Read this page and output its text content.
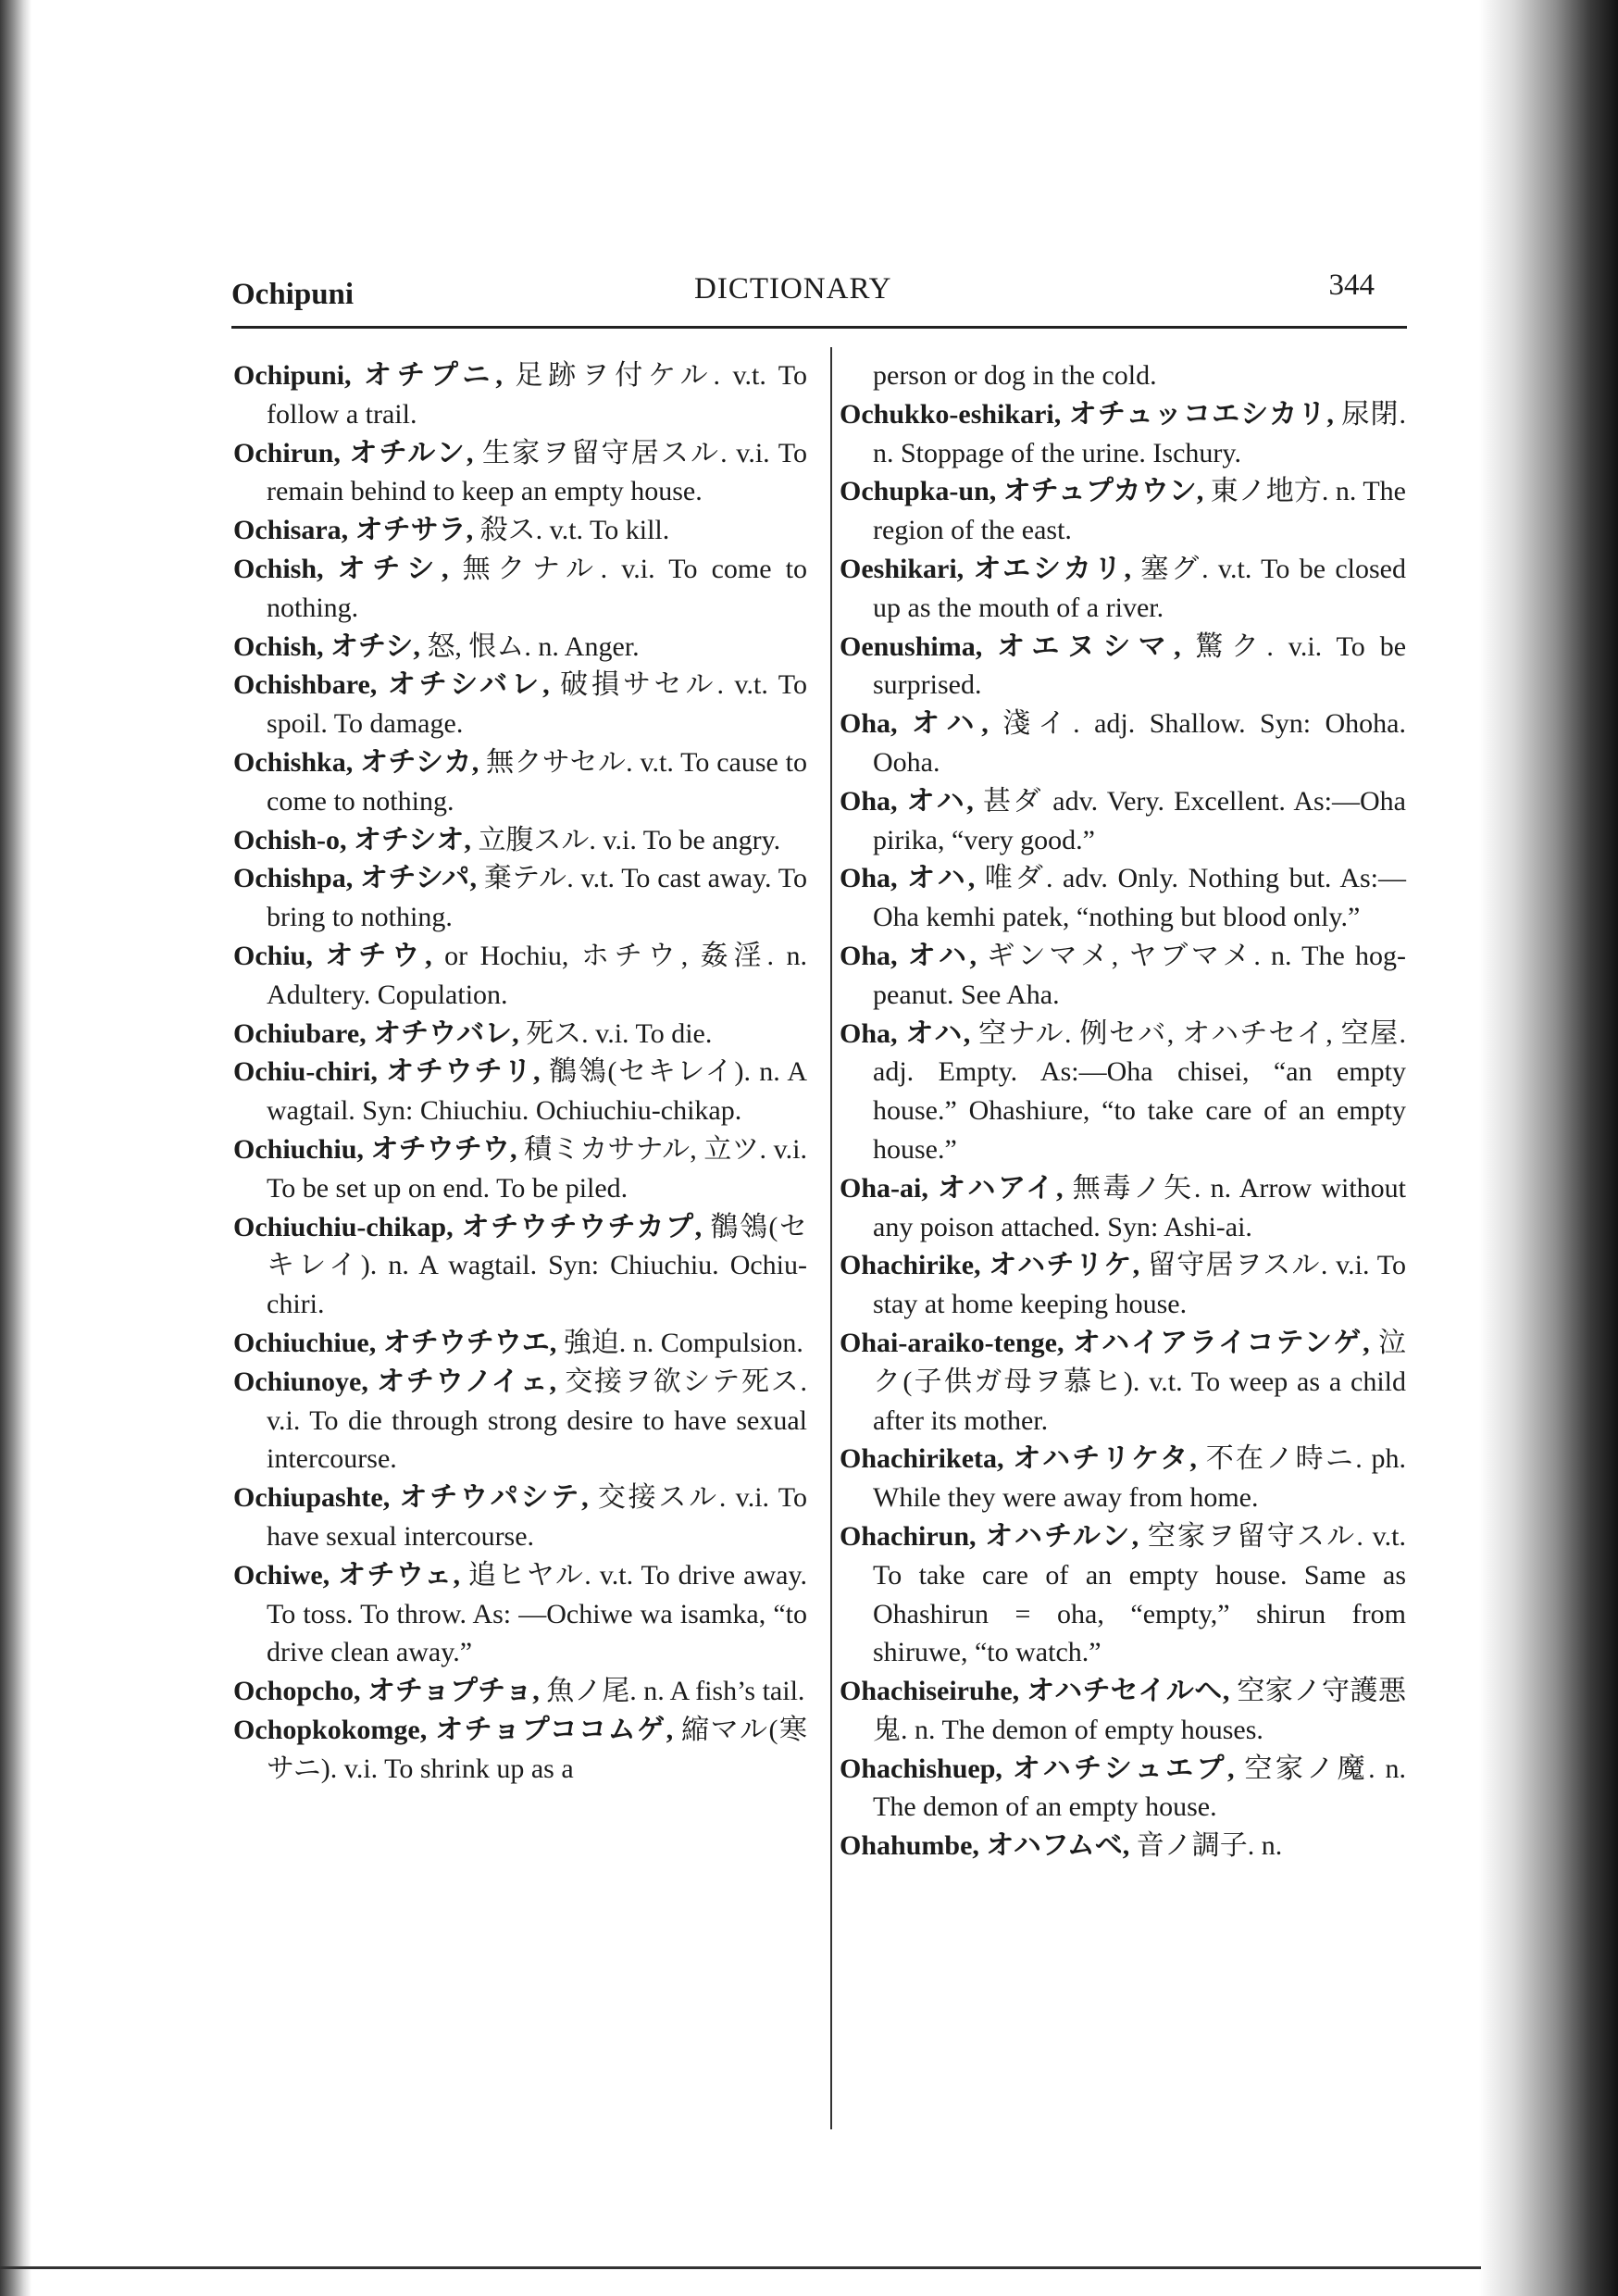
Ochipuni	DICTIONARY	344

Ochipuni, オチプニ, 足跡ヲ付ケル. v.t. To follow a trail.

Ochirun, オチルン, 生家ヲ留守居スル. v.i. To remain behind to keep an empty house.

Ochisara, オチサラ, 殺ス. v.t. To kill.

Ochish, オチシ, 無クナル. v.i. To come to nothing.

Ochish, オチシ, 怒, 恨ム. n. Anger.

Ochishbare, オチシバレ, 破損サセル. v.t. To spoil. To damage.

Ochishka, オチシカ, 無クサセル. v.t. To cause to come to nothing.

Ochish-o, オチシオ, 立腹スル. v.i. To be angry.

Ochishpa, オチシパ, 棄テル. v.t. To cast away. To bring to nothing.

Ochiu, オチウ, or Hochiu, ホチウ, 姦淫. n. Adultery. Copulation.

Ochiubare, オチウバレ, 死ス. v.i. To die.

Ochiu-chiri, オチウチリ, 鶺鴒(セキレイ). n. A wagtail. Syn: Chiuchiu. Ochiuchiu-chikap.

Ochiuchiu, オチウチウ, 積ミカサナル, 立ツ. v.i. To be set up on end. To be piled.

Ochiuchiu-chikap, オチウチウチカプ, 鶺鴒(セキレイ). n. A wagtail. Syn: Chiuchiu. Ochiu-chiri.

Ochiuchiue, オチウチウエ, 強迫. n. Compulsion.

Ochiunoye, オチウノイェ, 交接ヲ欲シテ死ス. v.i. To die through strong desire to have sexual intercourse.

Ochiupashte, オチウパシテ, 交接スル. v.i. To have sexual intercourse.

Ochiwe, オチウェ, 追ヒヤル. v.t. To drive away. To toss. To throw. As: —Ochiwe wa isamka, “to drive clean away.”

Ochopcho, オチョプチョ, 魚ノ尾. n. A fish’s tail.

Ochopkokomge, オチョプココムゲ, 縮マル(寒サニ). v.i. To shrink up as a

person or dog in the cold.

Ochukko-eshikari, オチュッコエシカリ, 尿閉. n. Stoppage of the urine. Ischury.

Ochupka-un, オチュプカウン, 東ノ地方. n. The region of the east.

Oeshikari, オエシカリ, 塞グ. v.t. To be closed up as the mouth of a river.

Oenushima, オエヌシマ, 驚ク. v.i. To be surprised.

Oha, オハ, 淺イ. adj. Shallow. Syn: Ohoha. Ooha.

Oha, オハ, 甚ダ adv. Very. Excellent. As:—Oha pirika, “very good.”

Oha, オハ, 唯ダ. adv. Only. Nothing but. As:—Oha kemhi patek, “nothing but blood only.”

Oha, オハ, ギンマメ, ヤブマメ. n. The hog-peanut. See Aha.

Oha, オハ, 空ナル. 例セバ, オハチセイ, 空屋. adj. Empty. As:—Oha chisei, “an empty house.” Ohashiure, “to take care of an empty house.”

Oha-ai, オハアイ, 無毒ノ矢. n. Arrow without any poison attached. Syn: Ashi-ai.

Ohachirike, オハチリケ, 留守居ヲスル. v.i. To stay at home keeping house.

Ohai-araiko-tenge, オハイアライコテンゲ, 泣ク(子供ガ母ヲ慕ヒ). v.t. To weep as a child after its mother.

Ohachiriketa, オハチリケタ, 不在ノ時ニ. ph. While they were away from home.

Ohachirun, オハチルン, 空家ヲ留守スル. v.t. To take care of an empty house. Same as Ohashirun = oha, “empty,” shirun from shiruwe, “to watch.”

Ohachiseiruhe, オハチセイルヘ, 空家ノ守護悪鬼. n. The demon of empty houses.

Ohachishuep, オハチシュエプ, 空家ノ魔. n. The demon of an empty house.

Ohahumbe, オハフムベ, 音ノ調子. n.
